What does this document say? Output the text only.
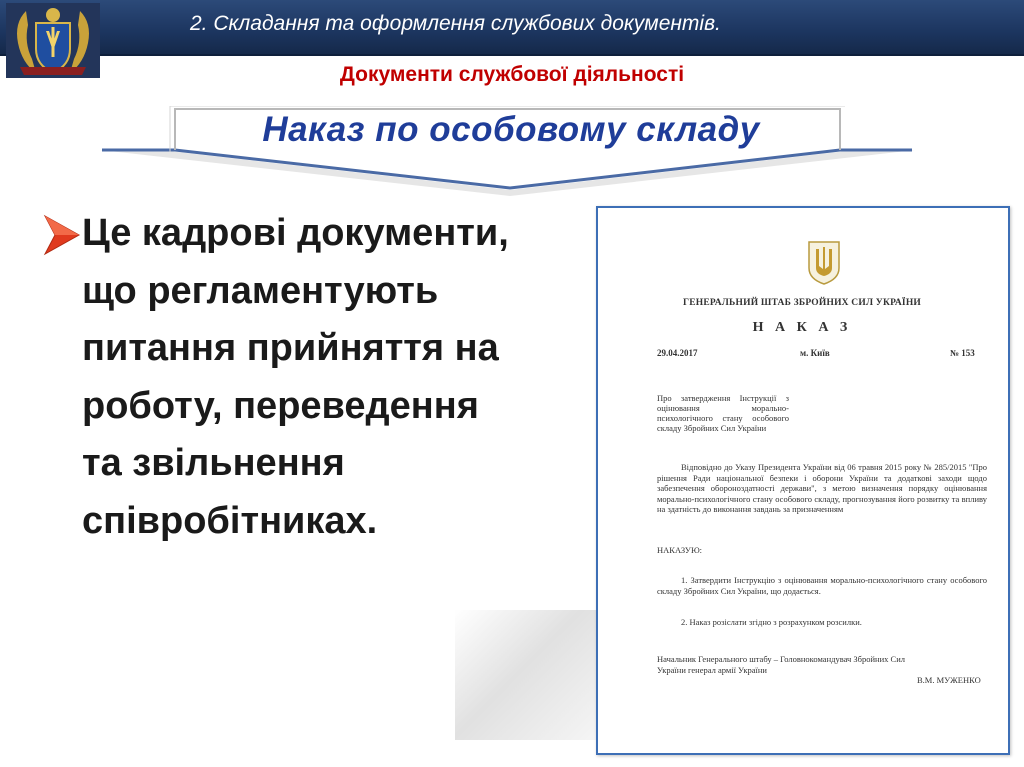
2. Складання та оформлення службових документів.
Документи службової діяльності
Наказ по особовому складу

Це кадрові документи, що регламентують питання прийняття на роботу, переведення та звільнення співробітниках.

ГЕНЕРАЛЬНИЙ ШТАБ ЗБРОЙНИХ СИЛ УКРАЇНИ
Н А К А З
29.04.2017	м. Київ	№ 153
Про затвердження Інструкції з оцінювання морально-психологічного стану особового складу Збройних Сил України
Відповідно до Указу Президента України від 06 травня 2015 року № 285/2015 "Про рішення Ради національної безпеки і оборони України та додаткові заходи щодо забезпечення обороноздатності держави", з метою визначення порядку оцінювання морально-психологічного стану особового складу, прогнозування його розвитку та впливу на здатність до виконання завдань за призначенням
НАКАЗУЮ:
1. Затвердити Інструкцію з оцінювання морально-психологічного стану особового складу Збройних Сил України, що додається.
2. Наказ розіслати згідно з розрахунком розсилки.
Начальник Генерального штабу – Головнокомандувач Збройних Сил України генерал армії України
В.М. МУЖЕНКО
